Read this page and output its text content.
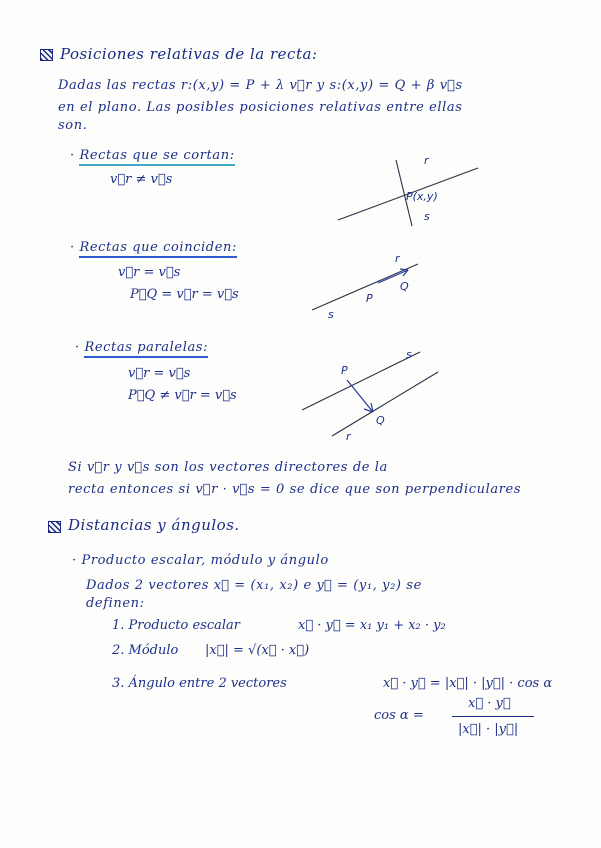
Posiciones relativas de la recta:
Dadas las rectas r:(x,y) = P + λ v⃗r y s:(x,y) = Q + β v⃗s
en el plano. Las posibles posiciones relativas entre ellas
son.
· Rectas que se cortan:
v⃗r ≠ v⃗s
· Rectas que coinciden:
v⃗r = v⃗s
P⃗Q = v⃗r = v⃗s
· Rectas paralelas:
v⃗r = v⃗s
P⃗Q ≠ v⃗r = v⃗s
Si v⃗r y v⃗s son los vectores directores de la
recta entonces si v⃗r · v⃗s = 0 se dice que son perpendiculares
r
P(x,y)
s
r
s
P
Q
P
s
Q
r
Distancias y ángulos.
· Producto escalar, módulo y ángulo
Dados 2 vectores x⃗ = (x₁, x₂) e y⃗ = (y₁, y₂) se
definen:
1. Producto escalar	x⃗ · y⃗ = x₁ y₁ + x₂ · y₂
2. Módulo |x⃗| = √(x⃗ · x⃗)
3. Ángulo entre 2 vectores	x⃗ · y⃗ = |x⃗| · |y⃗| · cos α
cos α =
x⃗ · y⃗
|x⃗| · |y⃗|
